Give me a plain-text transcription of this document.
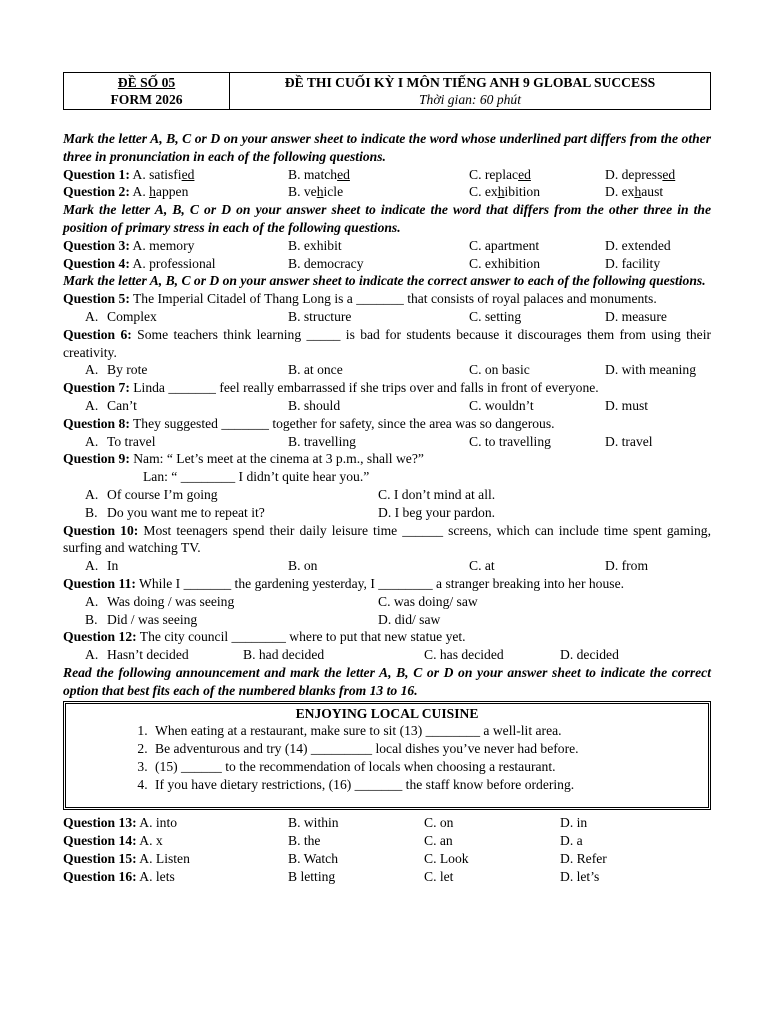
ĐỀ SỐ 05
FORM 2026
ĐỀ THI CUỐI KỲ I MÔN TIẾNG ANH 9 GLOBAL SUCCESS
Thời gian: 60 phút
Mark the letter A, B, C or D on your answer sheet to indicate the word whose underlined part differs from the other three in pronunciation in each of the following questions.
Question 1: A. satisfied	B. matched	C. replaced	D. depressed
Question 2: A. happen	B. vehicle	C. exhibition	D. exhaust
Mark the letter A, B, C or D on your answer sheet to indicate the word that differs from the other three in the position of primary stress in each of the following questions.
Question 3: A. memory	B. exhibit	C. apartment	D. extended
Question 4: A. professional	B. democracy	C. exhibition	D. facility
Mark the letter A, B, C or D on your answer sheet to indicate the correct answer to each of the following questions.
Question 5: The Imperial Citadel of Thang Long is a _______ that consists of royal palaces and monuments.
A. Complex	B. structure	C. setting	D. measure
Question 6: Some teachers think learning _____ is bad for students because it discourages them from using their creativity.
A. By rote	B. at once	C. on basic	D. with meaning
Question 7: Linda _______ feel really embarrassed if she trips over and falls in front of everyone.
A. Can’t	B. should	C. wouldn’t	D. must
Question 8: They suggested _______ together for safety, since the area was so dangerous.
A. To travel	B. travelling	C. to travelling	D. travel
Question 9: Nam: “ Let’s meet at the cinema at 3 p.m., shall we?”
Lan: “ ________ I didn’t quite hear you.”
A. Of course I’m going	C. I don’t mind at all.
B. Do you want me to repeat it?	D. I beg your pardon.
Question 10: Most teenagers spend their daily leisure time ______ screens, which can include time spent gaming, surfing and watching TV.
A. In	B. on	C. at	D. from
Question 11: While I _______ the gardening yesterday, I ________ a stranger breaking into her house.
A. Was doing / was seeing	C. was doing/ saw
B. Did / was seeing	D. did/ saw
Question 12: The city council ________ where to put that new statue yet.
A. Hasn’t decided	B. had decided	C. has decided	D. decided
Read the following announcement and mark the letter A, B, C or D on your answer sheet to indicate the correct option that best fits each of the numbered blanks from 13 to 16.
ENJOYING LOCAL CUISINE
1. When eating at a restaurant, make sure to sit (13) ________ a well-lit area.
2. Be adventurous and try (14) _________ local dishes you’ve never had before.
3. (15) ______ to the recommendation of locals when choosing a restaurant.
4. If you have dietary restrictions, (16) _______ the staff know before ordering.
Question 13: A. into	B. within	C. on	D. in
Question 14: A. x	B. the	C. an	D. a
Question 15: A. Listen	B. Watch	C. Look	D. Refer
Question 16: A. lets	B letting	C. let	D. let’s
